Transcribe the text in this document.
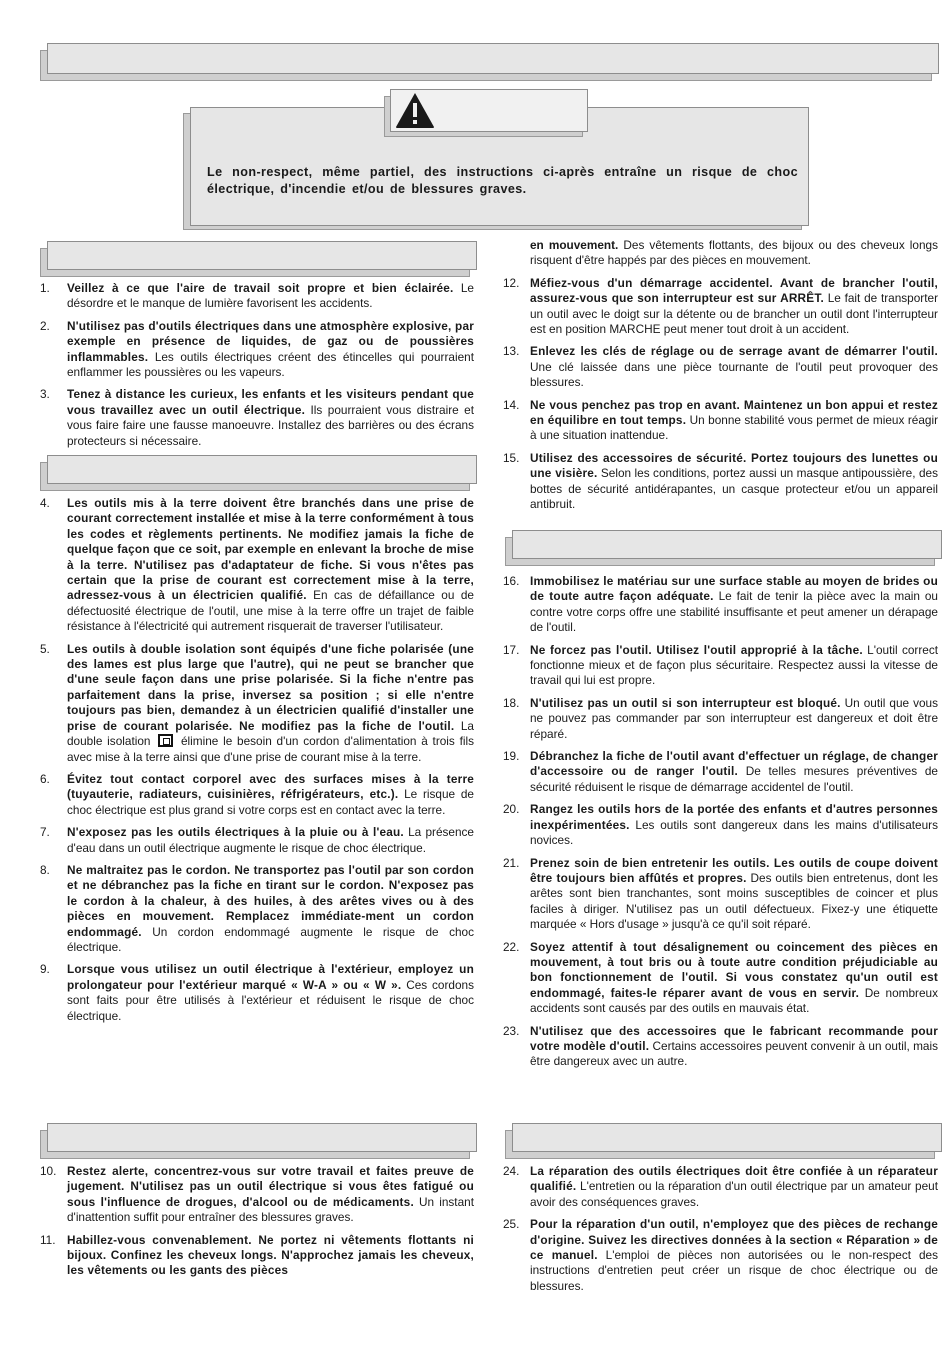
Le non-respect, même partiel, des instructions ci-après entraîne un risque de choc électrique, d'incendie et/ou de blessures graves.
1. Veillez à ce que l'aire de travail soit propre et bien éclairée. Le désordre et le manque de lumière favorisent les accidents.
2. N'utilisez pas d'outils électriques dans une atmosphère explosive, par exemple en présence de liquides, de gaz ou de poussières inflammables. Les outils électriques créent des étincelles qui pourraient enflammer les poussières ou les vapeurs.
3. Tenez à distance les curieux, les enfants et les visiteurs pendant que vous travaillez avec un outil électrique. Ils pourraient vous distraire et vous faire faire une fausse manoeuvre. Installez des barrières ou des écrans protecteurs si nécessaire.
4. Les outils mis à la terre doivent être branchés dans une prise de courant correctement installée et mise à la terre conformément à tous les codes et règlements pertinents. Ne modifiez jamais la fiche de quelque façon que ce soit, par exemple en enlevant la broche de mise à la terre. N'utilisez pas d'adaptateur de fiche. Si vous n'êtes pas certain que la prise de courant est correctement mise à la terre, adressez-vous à un électricien qualifié. En cas de défaillance ou de défectuosité électrique de l'outil, une mise à la terre offre un trajet de faible résistance à l'électricité qui autrement risquerait de traverser l'utilisateur.
5. Les outils à double isolation sont équipés d'une fiche polarisée (une des lames est plus large que l'autre), qui ne peut se brancher que d'une seule façon dans une prise polarisée. Si la fiche n'entre pas parfaitement dans la prise, inversez sa position ; si elle n'entre toujours pas bien, demandez à un électricien qualifié d'installer une prise de courant polarisée. Ne modifiez pas la fiche de l'outil. La double isolation  élimine le besoin d'un cordon d'alimentation à trois fils avec mise à la terre ainsi que d'une prise de courant mise à la terre.
6. Évitez tout contact corporel avec des surfaces mises à la terre (tuyauterie, radiateurs, cuisinières, réfrigérateurs, etc.). Le risque de choc électrique est plus grand si votre corps est en contact avec la terre.
7. N'exposez pas les outils électriques à la pluie ou à l'eau. La présence d'eau dans un outil électrique augmente le risque de choc électrique.
8. Ne maltraitez pas le cordon. Ne transportez pas l'outil par son cordon et ne débranchez pas la fiche en tirant sur le cordon. N'exposez pas le cordon à la chaleur, à des huiles, à des arêtes vives ou à des pièces en mouvement. Remplacez immédiate-ment un cordon endommagé. Un cordon endommagé augmente le risque de choc électrique.
9. Lorsque vous utilisez un outil électrique à l'extérieur, employez un prolongateur pour l'extérieur marqué « W-A » ou « W ». Ces cordons sont faits pour être utilisés à l'extérieur et réduisent le risque de choc électrique.
10. Restez alerte, concentrez-vous sur votre travail et faites preuve de jugement. N'utilisez pas un outil électrique si vous êtes fatigué ou sous l'influence de drogues, d'alcool ou de médicaments. Un instant d'inattention suffit pour entraîner des blessures graves.
11. Habillez-vous convenablement. Ne portez ni vêtements flottants ni bijoux. Confinez les cheveux longs. N'approchez jamais les cheveux, les vêtements ou les gants des pièces
en mouvement. Des vêtements flottants, des bijoux ou des cheveux longs risquent d'être happés par des pièces en mouvement.
12. Méfiez-vous d'un démarrage accidentel. Avant de brancher l'outil, assurez-vous que son interrupteur est sur ARRÊT. Le fait de transporter un outil avec le doigt sur la détente ou de brancher un outil dont l'interrupteur est en position MARCHE peut mener tout droit à un accident.
13. Enlevez les clés de réglage ou de serrage avant de démarrer l'outil. Une clé laissée dans une pièce tournante de l'outil peut provoquer des blessures.
14. Ne vous penchez pas trop en avant. Maintenez un bon appui et restez en équilibre en tout temps. Un bonne stabilité vous permet de mieux réagir à une situation inattendue.
15. Utilisez des accessoires de sécurité. Portez toujours des lunettes ou une visière. Selon les conditions, portez aussi un masque antipoussière, des bottes de sécurité antidérapantes, un casque protecteur et/ou un appareil antibruit.
16. Immobilisez le matériau sur une surface stable au moyen de brides ou de toute autre façon adéquate. Le fait de tenir la pièce avec la main ou contre votre corps offre une stabilité insuffisante et peut amener un dérapage de l'outil.
17. Ne forcez pas l'outil. Utilisez l'outil approprié à la tâche. L'outil correct fonctionne mieux et de façon plus sécuritaire. Respectez aussi la vitesse de travail qui lui est propre.
18. N'utilisez pas un outil si son interrupteur est bloqué. Un outil que vous ne pouvez pas commander par son interrupteur est dangereux et doit être réparé.
19. Débranchez la fiche de l'outil avant d'effectuer un réglage, de changer d'accessoire ou de ranger l'outil. De telles mesures préventives de sécurité réduisent le risque de démarrage accidentel de l'outil.
20. Rangez les outils hors de la portée des enfants et d'autres personnes inexpérimentées. Les outils sont dangereux dans les mains d'utilisateurs novices.
21. Prenez soin de bien entretenir les outils. Les outils de coupe doivent être toujours bien affûtés et propres. Des outils bien entretenus, dont les arêtes sont bien tranchantes, sont moins susceptibles de coincer et plus faciles à diriger. N'utilisez pas un outil défectueux. Fixez-y une étiquette marquée « Hors d'usage » jusqu'à ce qu'il soit réparé.
22. Soyez attentif à tout désalignement ou coincement des pièces en mouvement, à tout bris ou à toute autre condition préjudiciable au bon fonctionnement de l'outil. Si vous constatez qu'un outil est endommagé, faites-le réparer avant de vous en servir. De nombreux accidents sont causés par des outils en mauvais état.
23. N'utilisez que des accessoires que le fabricant recommande pour votre modèle d'outil. Certains accessoires peuvent convenir à un outil, mais être dangereux avec un autre.
24. La réparation des outils électriques doit être confiée à un réparateur qualifié. L'entretien ou la réparation d'un outil électrique par un amateur peut avoir des conséquences graves.
25. Pour la réparation d'un outil, n'employez que des pièces de rechange d'origine. Suivez les directives données à la section « Réparation » de ce manuel. L'emploi de pièces non autorisées ou le non-respect des instructions d'entretien peut créer un risque de choc électrique ou de blessures.
